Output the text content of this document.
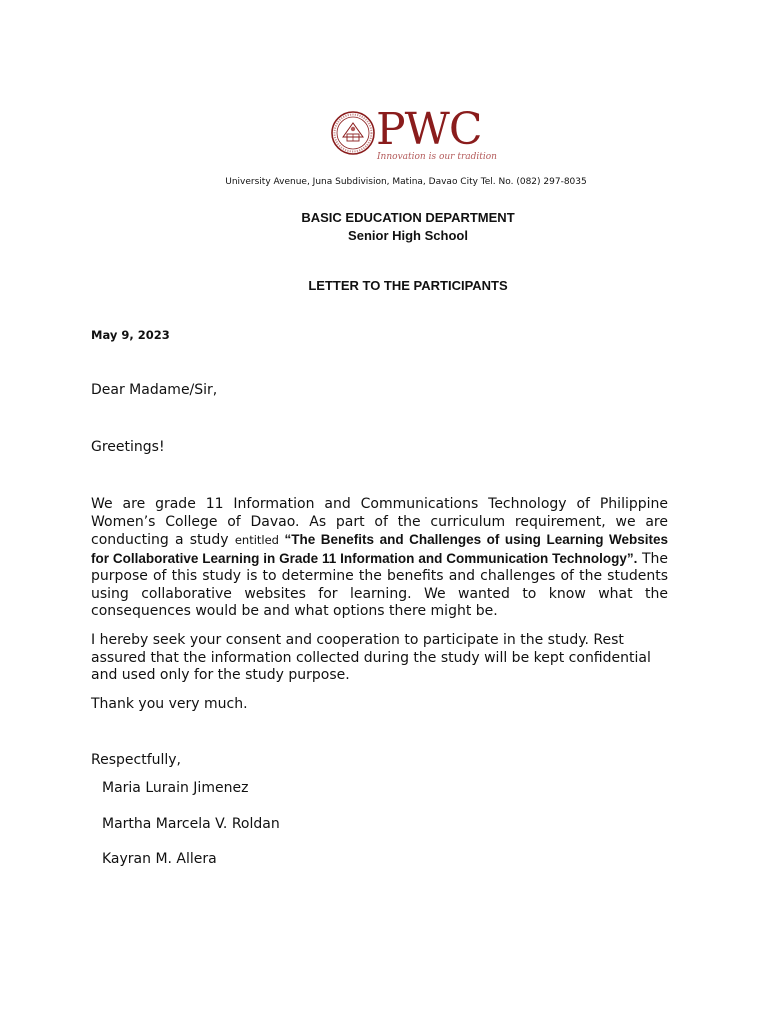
PWC
Innovation is our tradition
University Avenue, Juna Subdivision, Matina, Davao City Tel. No. (082) 297-8035
BASIC EDUCATION DEPARTMENT
Senior High School
LETTER TO THE PARTICIPANTS
May 9, 2023
Dear Madame/Sir,
Greetings!

We are grade 11 Information and Communications Technology of Philippine Women’s College of Davao. As part of the curriculum requirement, we are conducting a study entitled “The Benefits and Challenges of using Learning Websites for Collaborative Learning in Grade 11 Information and Communication Technology”. The purpose of this study is to determine the benefits and challenges of the students using collaborative websites for learning. We wanted to know what the consequences would be and what options there might be.

I hereby seek your consent and cooperation to participate in the study. Rest assured that the information collected during the study will be kept confidential and used only for the study purpose.

Thank you very much.

Respectfully,
Maria Lurain Jimenez
Martha Marcela V. Roldan
Kayran M. Allera
